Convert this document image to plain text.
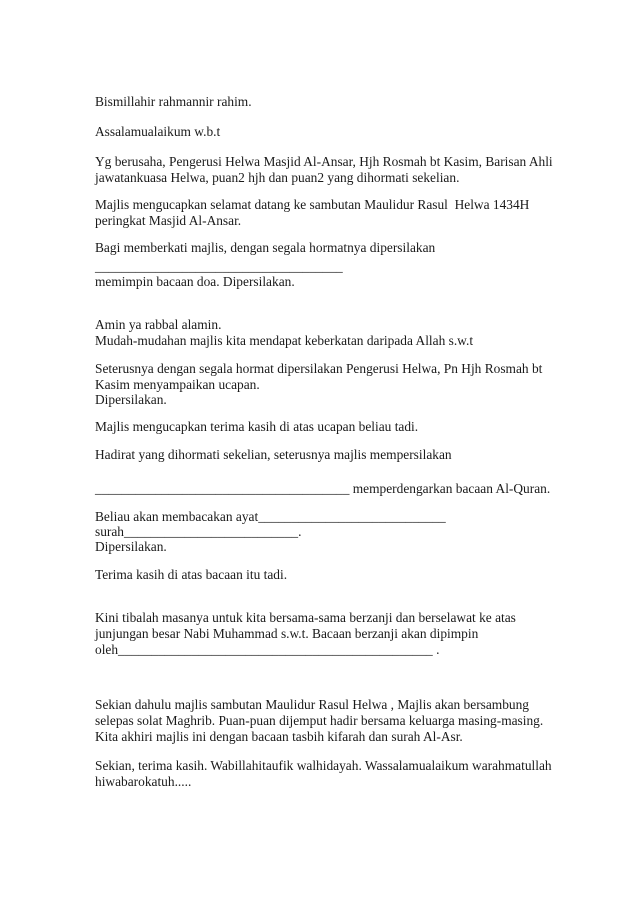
Bismillahir rahmannir rahim.
Assalamualaikum w.b.t
Yg berusaha, Pengerusi Helwa Masjid Al-Ansar, Hjh Rosmah bt Kasim, Barisan Ahli
jawatankuasa Helwa, puan2 hjh dan puan2 yang dihormati sekelian.
Majlis mengucapkan selamat datang ke sambutan Maulidur Rasul  Helwa 1434H
peringkat Masjid Al-Ansar.
Bagi memberkati majlis, dengan segala hormatnya dipersilakan
_____________________________________
memimpin bacaan doa. Dipersilakan.
Amin ya rabbal alamin.
Mudah-mudahan majlis kita mendapat keberkatan daripada Allah s.w.t
Seterusnya dengan segala hormat dipersilakan Pengerusi Helwa, Pn Hjh Rosmah bt
Kasim menyampaikan ucapan.
Dipersilakan.
Majlis mengucapkan terima kasih di atas ucapan beliau tadi.
Hadirat yang dihormati sekelian, seterusnya majlis mempersilakan
______________________________________ memperdengarkan bacaan Al-Quran.
Beliau akan membacakan ayat____________________________
surah__________________________.
Dipersilakan.
Terima kasih di atas bacaan itu tadi.
Kini tibalah masanya untuk kita bersama-sama berzanji dan berselawat ke atas
junjungan besar Nabi Muhammad s.w.t. Bacaan berzanji akan dipimpin
oleh_______________________________________________ .
Sekian dahulu majlis sambutan Maulidur Rasul Helwa , Majlis akan bersambung
selepas solat Maghrib. Puan-puan dijemput hadir bersama keluarga masing-masing.
Kita akhiri majlis ini dengan bacaan tasbih kifarah dan surah Al-Asr.
Sekian, terima kasih. Wabillahitaufik walhidayah. Wassalamualaikum warahmatullah
hiwabarokatuh.....
